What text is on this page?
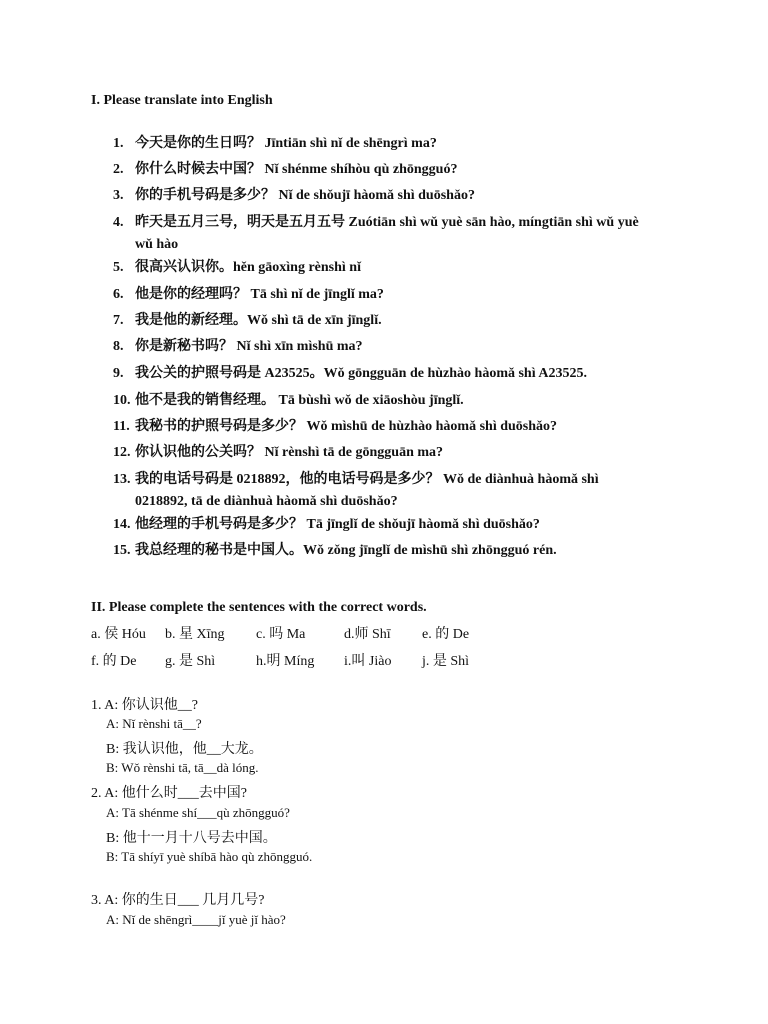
I. Please translate into English
1. 今天是你的生日吗？ Jīntiān shì nǐ de shēngrì ma?
2. 你什么时候去中国？ Nǐ shénme shíhòu qù zhōngguó?
3. 你的手机号码是多少？ Nǐ de shǒujī hàomǎ shì duōshǎo?
4. 昨天是五月三号，明天是五月五号 Zuótiān shì wǔ yuè sān hào, míngtiān shì wǔ yuè
wǔ hào
5. 很高兴认识你。hěn gāoxìng rènshì nǐ
6. 他是你的经理吗？ Tā shì nǐ de jīnglǐ ma?
7. 我是他的新经理。Wǒ shì tā de xīn jīnglǐ.
8. 你是新秘书吗？ Nǐ shì xīn mìshū ma?
9. 我公关的护照号码是 A23525。Wǒ gōngguān de hùzhào hàomǎ shì A23525.
10. 他不是我的销售经理。 Tā bùshì wǒ de xiāoshòu jīnglǐ.
11. 我秘书的护照号码是多少？ Wǒ mìshū de hùzhào hàomǎ shì duōshǎo?
12. 你认识他的公关吗？ Nǐ rènshì tā de gōngguān ma?
13. 我的电话号码是 0218892，他的电话号码是多少？ Wǒ de diànhuà hàomǎ shì
0218892, tā de diànhuà hàomǎ shì duōshǎo?
14. 他经理的手机号码是多少？ Tā jīnglǐ de shǒujī hàomǎ shì duōshǎo?
15. 我总经理的秘书是中国人。Wǒ zǒng jīnglǐ de mìshū shì zhōngguó rén.
II. Please complete the sentences with the correct words.
a. 侯 Hóu b. 星 Xīng c. 吗 Ma	d.师 Shī e. 的 De
f. 的 De g. 是 Shì	h.明 Míng i.叫 Jiào j. 是 Shì
1. A: 你认识他__?
A: Nǐ rènshi tā__?
B: 我认识他，他__大龙。
B: Wǒ rènshi tā, tā__dà lóng.
2. A: 他什么时___去中国?
A: Tā shénme shí___qù zhōngguó?
B: 他十一月十八号去中国。
B: Tā shíyī yuè shíbā hào qù zhōngguó.
3. A: 你的生日___ 几月几号?
A: Nǐ de shēngrì____jǐ yuè jǐ hào?
